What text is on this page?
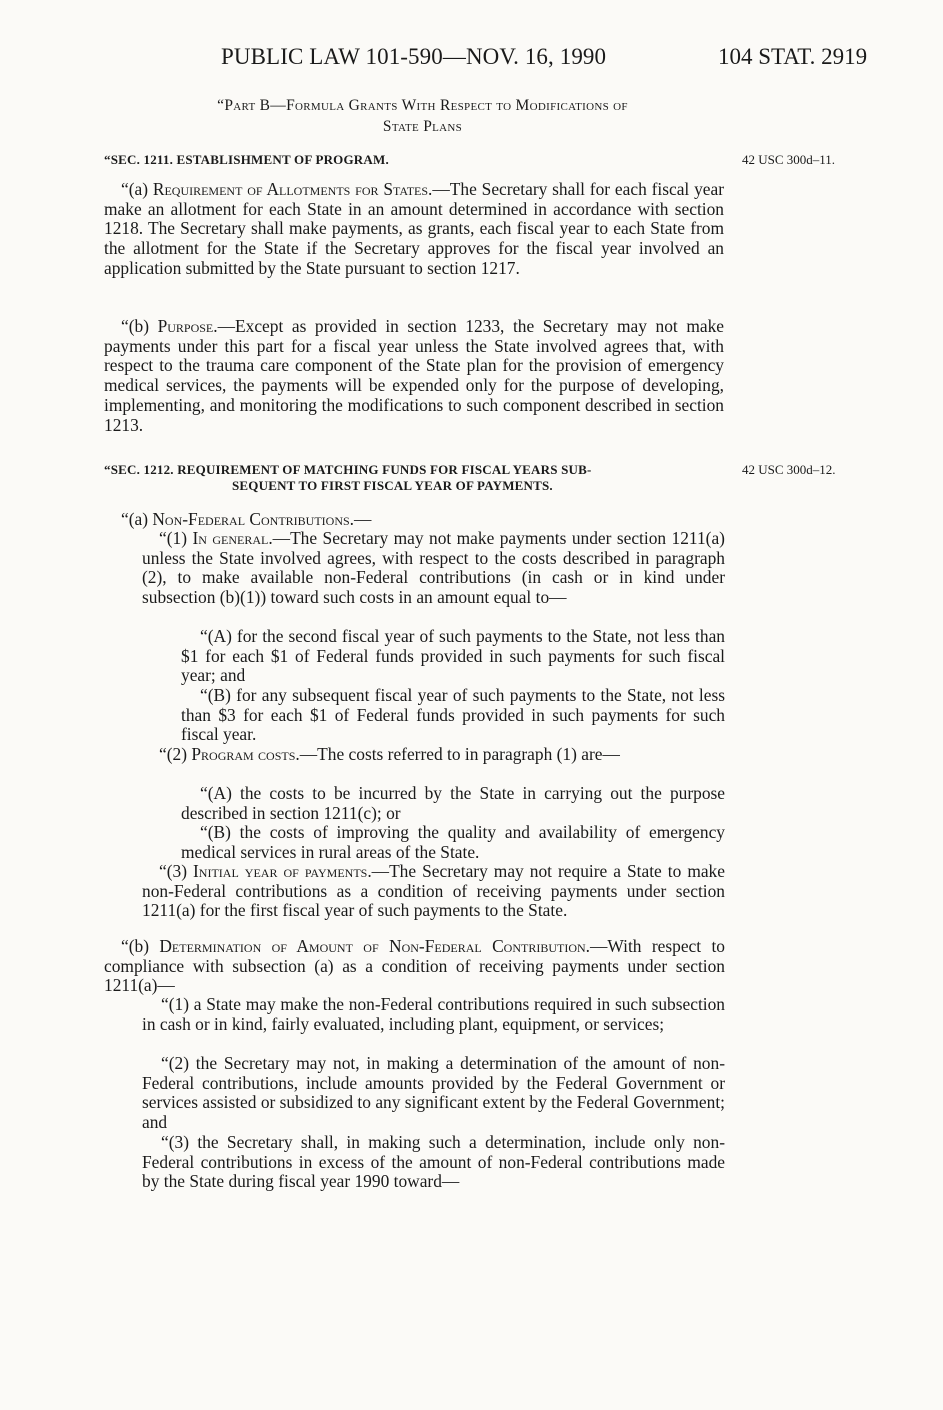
PUBLIC LAW 101-590—NOV. 16, 1990	104 STAT. 2919
“Part B—Formula Grants With Respect to Modifications of
State Plans
“SEC. 1211. ESTABLISHMENT OF PROGRAM.	42 USC 300d–11.

“(a) Requirement of Allotments for States.—The Secretary shall for each fiscal year make an allotment for each State in an amount determined in accordance with section 1218. The Secretary shall make payments, as grants, each fiscal year to each State from the allotment for the State if the Secretary approves for the fiscal year involved an application submitted by the State pursuant to section 1217.

“(b) Purpose.—Except as provided in section 1233, the Secretary may not make payments under this part for a fiscal year unless the State involved agrees that, with respect to the trauma care component of the State plan for the provision of emergency medical services, the payments will be expended only for the purpose of developing, implementing, and monitoring the modifications to such component described in section 1213.

“SEC. 1212. REQUIREMENT OF MATCHING FUNDS FOR FISCAL YEARS SUB-
SEQUENT TO FIRST FISCAL YEAR OF PAYMENTS.
42 USC 300d–12.

“(a) Non-Federal Contributions.—

“(1) In general.—The Secretary may not make payments under section 1211(a) unless the State involved agrees, with respect to the costs described in paragraph (2), to make available non-Federal contributions (in cash or in kind under subsection (b)(1)) toward such costs in an amount equal to—

“(A) for the second fiscal year of such payments to the State, not less than $1 for each $1 of Federal funds provided in such payments for such fiscal year; and

“(B) for any subsequent fiscal year of such payments to the State, not less than $3 for each $1 of Federal funds provided in such payments for such fiscal year.

“(2) Program costs.—The costs referred to in paragraph (1) are—

“(A) the costs to be incurred by the State in carrying out the purpose described in section 1211(c); or

“(B) the costs of improving the quality and availability of emergency medical services in rural areas of the State.

“(3) Initial year of payments.—The Secretary may not require a State to make non-Federal contributions as a condition of receiving payments under section 1211(a) for the first fiscal year of such payments to the State.

“(b) Determination of Amount of Non-Federal Contribution.—With respect to compliance with subsection (a) as a condition of receiving payments under section 1211(a)—

“(1) a State may make the non-Federal contributions required in such subsection in cash or in kind, fairly evaluated, including plant, equipment, or services;

“(2) the Secretary may not, in making a determination of the amount of non-Federal contributions, include amounts provided by the Federal Government or services assisted or subsidized to any significant extent by the Federal Government; and

“(3) the Secretary shall, in making such a determination, include only non-Federal contributions in excess of the amount of non-Federal contributions made by the State during fiscal year 1990 toward—
